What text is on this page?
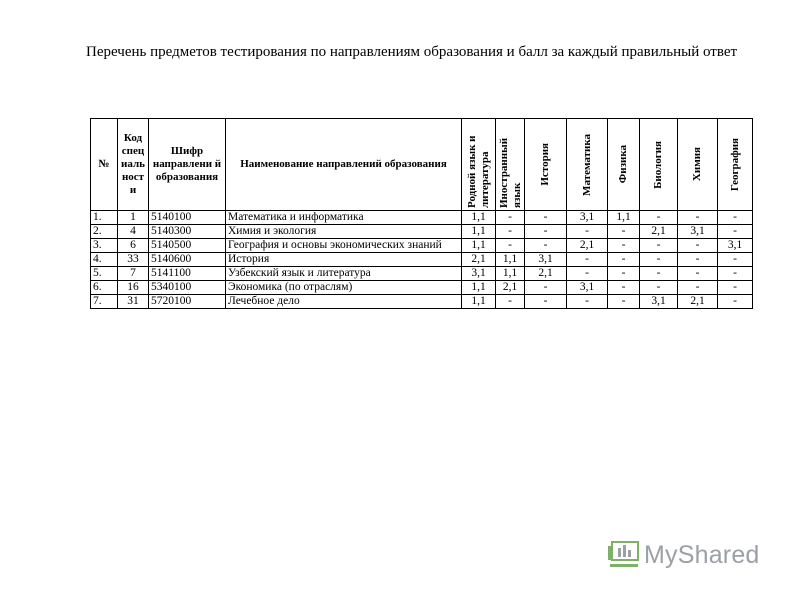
Перечень предметов тестирования по направлениям образования и балл за каждый правильный ответ
№	Код спец иаль ност и	Шифр направлени й образования	Наименование направлений образования	Родной язык и литература	Иностранный язык	История	Математика	Физика	Биология	Химия	География

1.	1	5140100	Математика и информатика	1,1	-	-	3,1	1,1	-	-	-
2.	4	5140300	Химия и экология	1,1	-	-	-	-	2,1	3,1	-
3.	6	5140500	География и основы экономических знаний	1,1	-	-	2,1	-	-	-	3,1
4.	33	5140600	История	2,1	1,1	3,1	-	-	-	-	-
5.	7	5141100	Узбекский язык и литература	3,1	1,1	2,1	-	-	-	-	-
6.	16	5340100	Экономика (по отраслям)	1,1	2,1	-	3,1	-	-	-	-
7.	31	5720100	Лечебное дело	1,1	-	-	-	-	3,1	2,1	-
MyShared
